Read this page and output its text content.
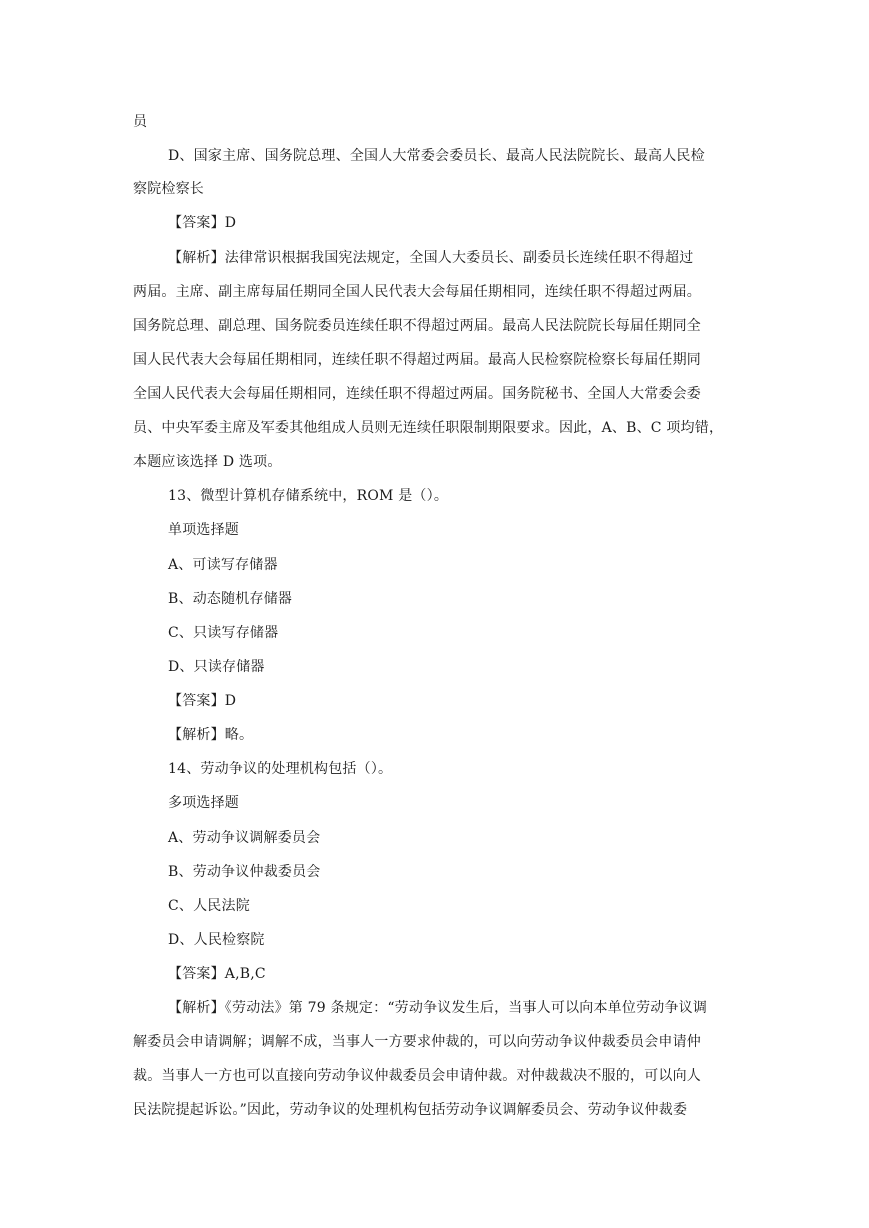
员
D、国家主席、国务院总理、全国人大常委会委员长、最高人民法院院长、最高人民检
察院检察长
【答案】D
【解析】法律常识根据我国宪法规定，全国人大委员长、副委员长连续任职不得超过
两届。主席、副主席每届任期同全国人民代表大会每届任期相同，连续任职不得超过两届。
国务院总理、副总理、国务院委员连续任职不得超过两届。最高人民法院院长每届任期同全
国人民代表大会每届任期相同，连续任职不得超过两届。最高人民检察院检察长每届任期同
全国人民代表大会每届任期相同，连续任职不得超过两届。国务院秘书、全国人大常委会委
员、中央军委主席及军委其他组成人员则无连续任职限制期限要求。因此，A、B、C 项均错，
本题应该选择 D 选项。
13、微型计算机存储系统中，ROM 是（）。
单项选择题
A、可读写存储器
B、动态随机存储器
C、只读写存储器
D、只读存储器
【答案】D
【解析】略。
14、劳动争议的处理机构包括（）。
多项选择题
A、劳动争议调解委员会
B、劳动争议仲裁委员会
C、人民法院
D、人民检察院
【答案】A,B,C
【解析】《劳动法》第 79 条规定：“劳动争议发生后，当事人可以向本单位劳动争议调
解委员会申请调解；调解不成，当事人一方要求仲裁的，可以向劳动争议仲裁委员会申请仲
裁。当事人一方也可以直接向劳动争议仲裁委员会申请仲裁。对仲裁裁决不服的，可以向人
民法院提起诉讼。”因此，劳动争议的处理机构包括劳动争议调解委员会、劳动争议仲裁委
